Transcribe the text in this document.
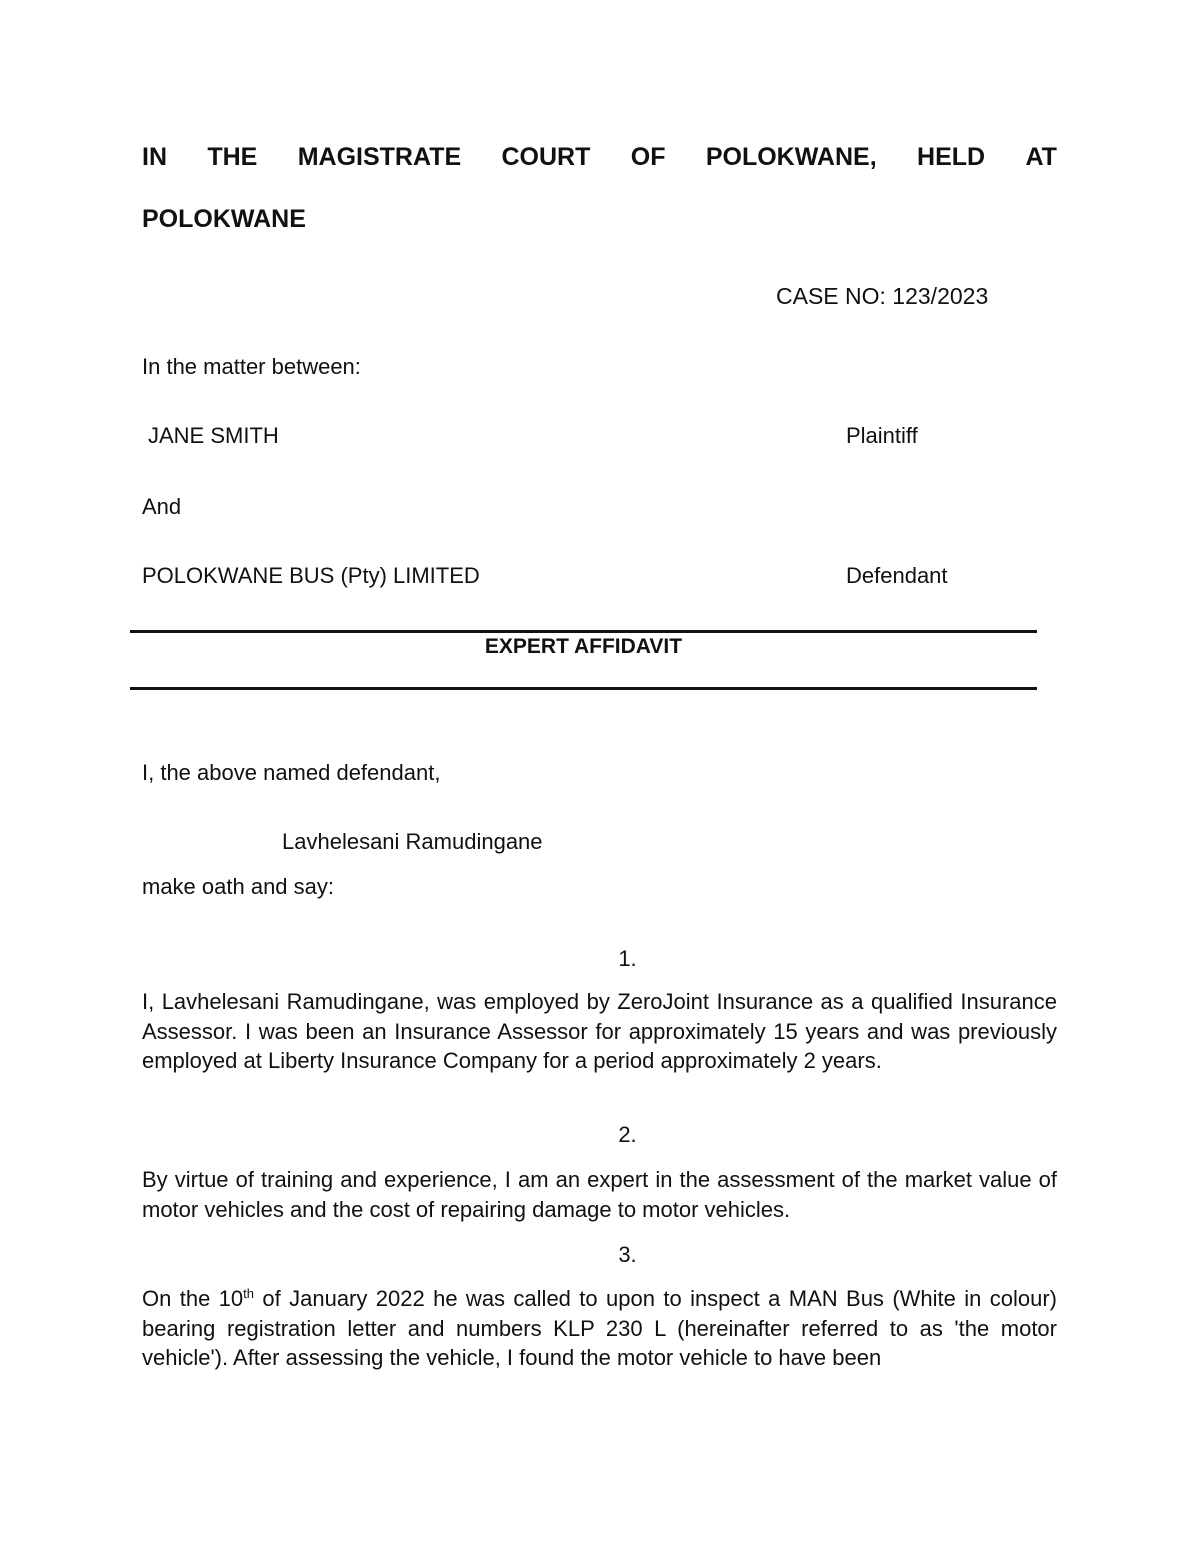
IN THE MAGISTRATE COURT OF POLOKWANE, HELD AT
POLOKWANE
CASE NO: 123/2023
In the matter between:
JANE SMITH	Plaintiff
And
POLOKWANE BUS (Pty) LIMITED	Defendant
EXPERT AFFIDAVIT
I, the above named defendant,
Lavhelesani Ramudingane
make oath and say:
1.

I, Lavhelesani Ramudingane, was employed by ZeroJoint Insurance as a qualified Insurance Assessor. I was been an Insurance Assessor for approximately 15 years and was previously employed at Liberty Insurance Company for a period approximately 2 years.

2.

By virtue of training and experience, I am an expert in the assessment of the market value of motor vehicles and the cost of repairing damage to motor vehicles.

3.

On the 10th of January 2022 he was called to upon to inspect a MAN Bus (White in colour) bearing registration letter and numbers KLP 230 L (hereinafter referred to as 'the motor vehicle'). After assessing the vehicle, I found the motor vehicle to have been
